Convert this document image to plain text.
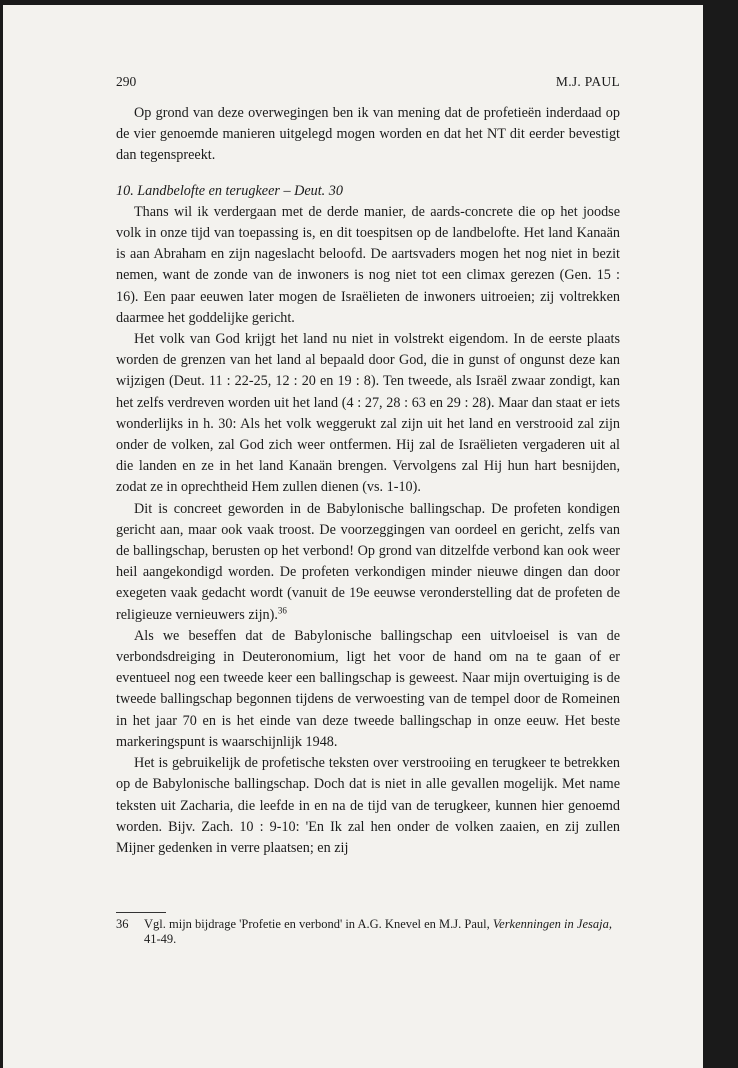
290	M.J. PAUL

Op grond van deze overwegingen ben ik van mening dat de profetieën inderdaad op de vier genoemde manieren uitgelegd mogen worden en dat het NT dit eerder bevestigt dan tegenspreekt.

10. Landbelofte en terugkeer – Deut. 30

Thans wil ik verdergaan met de derde manier, de aards-concrete die op het joodse volk in onze tijd van toepassing is, en dit toespitsen op de landbelofte. Het land Kanaän is aan Abraham en zijn nageslacht beloofd. De aartsvaders mogen het nog niet in bezit nemen, want de zonde van de inwoners is nog niet tot een climax gerezen (Gen. 15 : 16). Een paar eeuwen later mogen de Israëlieten de inwoners uitroeien; zij voltrekken daarmee het goddelijke gericht.

Het volk van God krijgt het land nu niet in volstrekt eigendom. In de eerste plaats worden de grenzen van het land al bepaald door God, die in gunst of ongunst deze kan wijzigen (Deut. 11 : 22-25, 12 : 20 en 19 : 8). Ten tweede, als Israël zwaar zondigt, kan het zelfs verdreven worden uit het land (4 : 27, 28 : 63 en 29 : 28). Maar dan staat er iets wonderlijks in h. 30: Als het volk weggerukt zal zijn uit het land en verstrooid zal zijn onder de volken, zal God zich weer ontfermen. Hij zal de Israëlieten vergaderen uit al die landen en ze in het land Kanaän brengen. Vervolgens zal Hij hun hart besnijden, zodat ze in oprechtheid Hem zullen dienen (vs. 1-10).

Dit is concreet geworden in de Babylonische ballingschap. De profeten kondigen gericht aan, maar ook vaak troost. De voorzeggingen van oordeel en gericht, zelfs van de ballingschap, berusten op het verbond! Op grond van ditzelfde verbond kan ook weer heil aangekondigd worden. De profeten verkondigen minder nieuwe dingen dan door exegeten vaak gedacht wordt (vanuit de 19e eeuwse veronderstelling dat de profeten de religieuze vernieuwers zijn).$^{36}$

Als we beseffen dat de Babylonische ballingschap een uitvloeisel is van de verbondsdreiging in Deuteronomium, ligt het voor de hand om na te gaan of er eventueel nog een tweede keer een ballingschap is geweest. Naar mijn overtuiging is de tweede ballingschap begonnen tijdens de verwoesting van de tempel door de Romeinen in het jaar 70 en is het einde van deze tweede ballingschap in onze eeuw. Het beste markeringspunt is waarschijnlijk 1948.

Het is gebruikelijk de profetische teksten over verstrooiing en terugkeer te betrekken op de Babylonische ballingschap. Doch dat is niet in alle gevallen mogelijk. Met name teksten uit Zacharia, die leefde in en na de tijd van de terugkeer, kunnen hier genoemd worden. Bijv. Zach. 10 : 9-10: 'En Ik zal hen onder de volken zaaien, en zij zullen Mijner gedenken in verre plaatsen; en zij

36 Vgl. mijn bijdrage 'Profetie en verbond' in A.G. Knevel en M.J. Paul, Verkenningen in Jesaja, 41-49.
